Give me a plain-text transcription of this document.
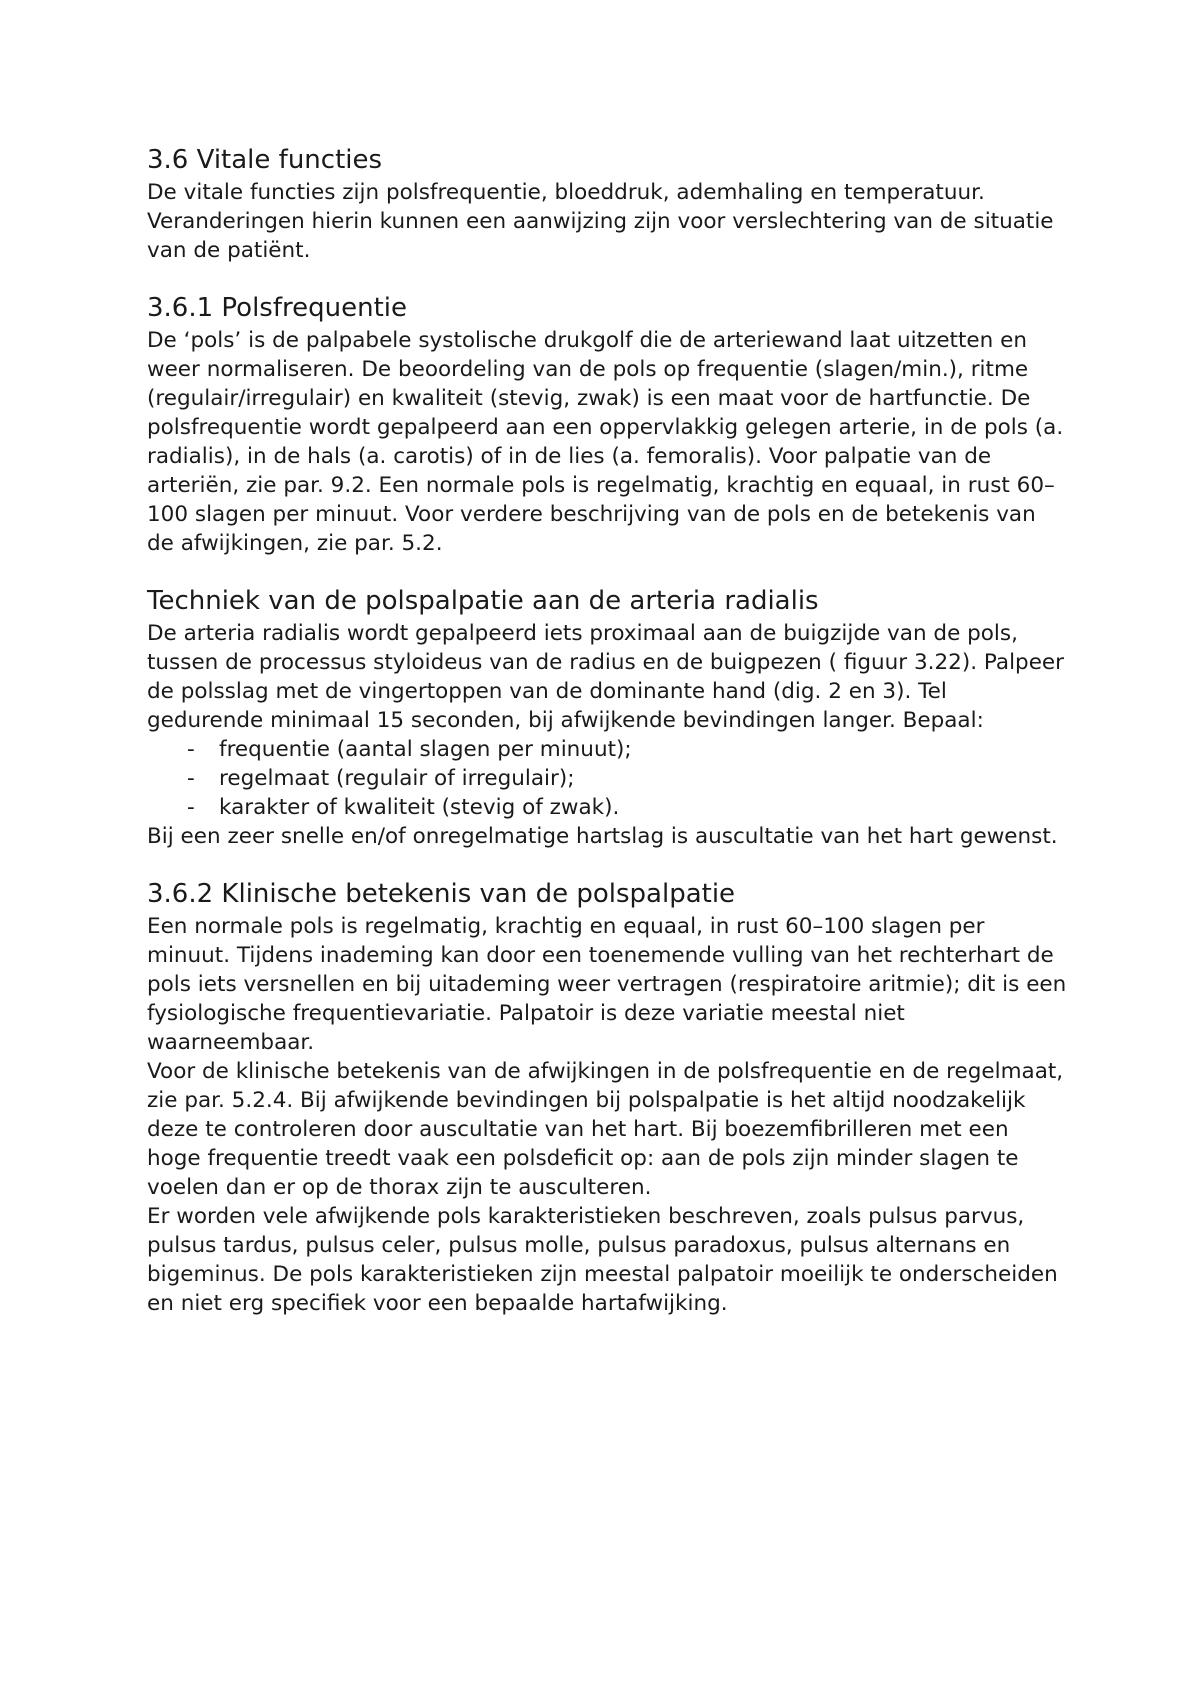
3.6 Vitale functies

De vitale functies zijn polsfrequentie, bloeddruk, ademhaling en temperatuur. Veranderingen hierin kunnen een aanwijzing zijn voor verslechtering van de situatie van de patiënt.

3.6.1 Polsfrequentie

De ‘pols’ is de palpabele systolische drukgolf die de arteriewand laat uitzetten en weer normaliseren. De beoordeling van de pols op frequentie (slagen/min.), ritme (regulair/irregulair) en kwaliteit (stevig, zwak) is een maat voor de hartfunctie. De polsfrequentie wordt gepalpeerd aan een oppervlakkig gelegen arterie, in de pols (a. radialis), in de hals (a. carotis) of in de lies (a. femoralis). Voor palpatie van de arteriën, zie par. 9.2. Een normale pols is regelmatig, krachtig en equaal, in rust 60–100 slagen per minuut. Voor verdere beschrijving van de pols en de betekenis van de afwijkingen, zie par. 5.2.

Techniek van de polspalpatie aan de arteria radialis

De arteria radialis wordt gepalpeerd iets proximaal aan de buigzijde van de pols, tussen de processus styloideus van de radius en de buigpezen ( figuur 3.22). Palpeer de polsslag met de vingertoppen van de dominante hand (dig. 2 en 3). Tel gedurende minimaal 15 seconden, bij afwijkende bevindingen langer. Bepaal:

- frequentie (aantal slagen per minuut);
- regelmaat (regulair of irregulair);
- karakter of kwaliteit (stevig of zwak).

Bij een zeer snelle en/of onregelmatige hartslag is auscultatie van het hart gewenst.

3.6.2 Klinische betekenis van de polspalpatie

Een normale pols is regelmatig, krachtig en equaal, in rust 60–100 slagen per minuut. Tijdens inademing kan door een toenemende vulling van het rechterhart de pols iets versnellen en bij uitademing weer vertragen (respiratoire aritmie); dit is een fysiologische frequentievariatie. Palpatoir is deze variatie meestal niet waarneembaar.

Voor de klinische betekenis van de afwijkingen in de polsfrequentie en de regelmaat, zie par. 5.2.4. Bij afwijkende bevindingen bij polspalpatie is het altijd noodzakelijk deze te controleren door auscultatie van het hart. Bij boezemfibrilleren met een hoge frequentie treedt vaak een polsdeficit op: aan de pols zijn minder slagen te voelen dan er op de thorax zijn te ausculteren.

Er worden vele afwijkende pols karakteristieken beschreven, zoals pulsus parvus, pulsus tardus, pulsus celer, pulsus molle, pulsus paradoxus, pulsus alternans en bigeminus. De pols karakteristieken zijn meestal palpatoir moeilijk te onderscheiden en niet erg specifiek voor een bepaalde hartafwijking.
